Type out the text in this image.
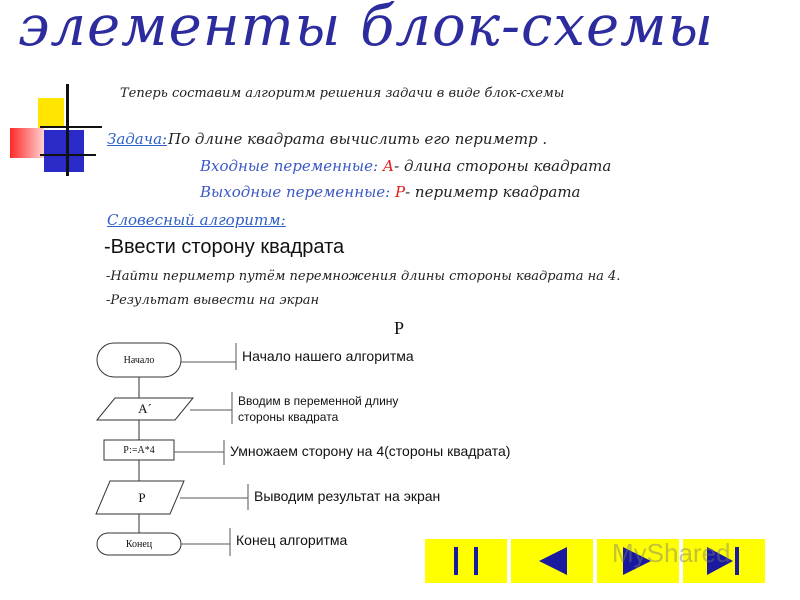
элементы блок-схемы
Теперь составим алгоритм решения задачи в виде блок-схемы
Задача: По длине квадрата вычислить его периметр .
Входные переменные: А- длина стороны квадрата
Выходные переменные: Р- периметр квадрата
Словесный алгоритм:
-Ввести сторону квадрата
-Найти периметр путём перемножения длины стороны квадрата на 4.
-Результат вывести на экран
Р
Начало
А´
Р:=А*4
Р
Конец
Начало нашего алгоритма
Вводим в переменной длину
стороны квадрата
Умножаем сторону на 4(стороны квадрата)
Выводим результат на экран
Конец алгоритма	MyShared
